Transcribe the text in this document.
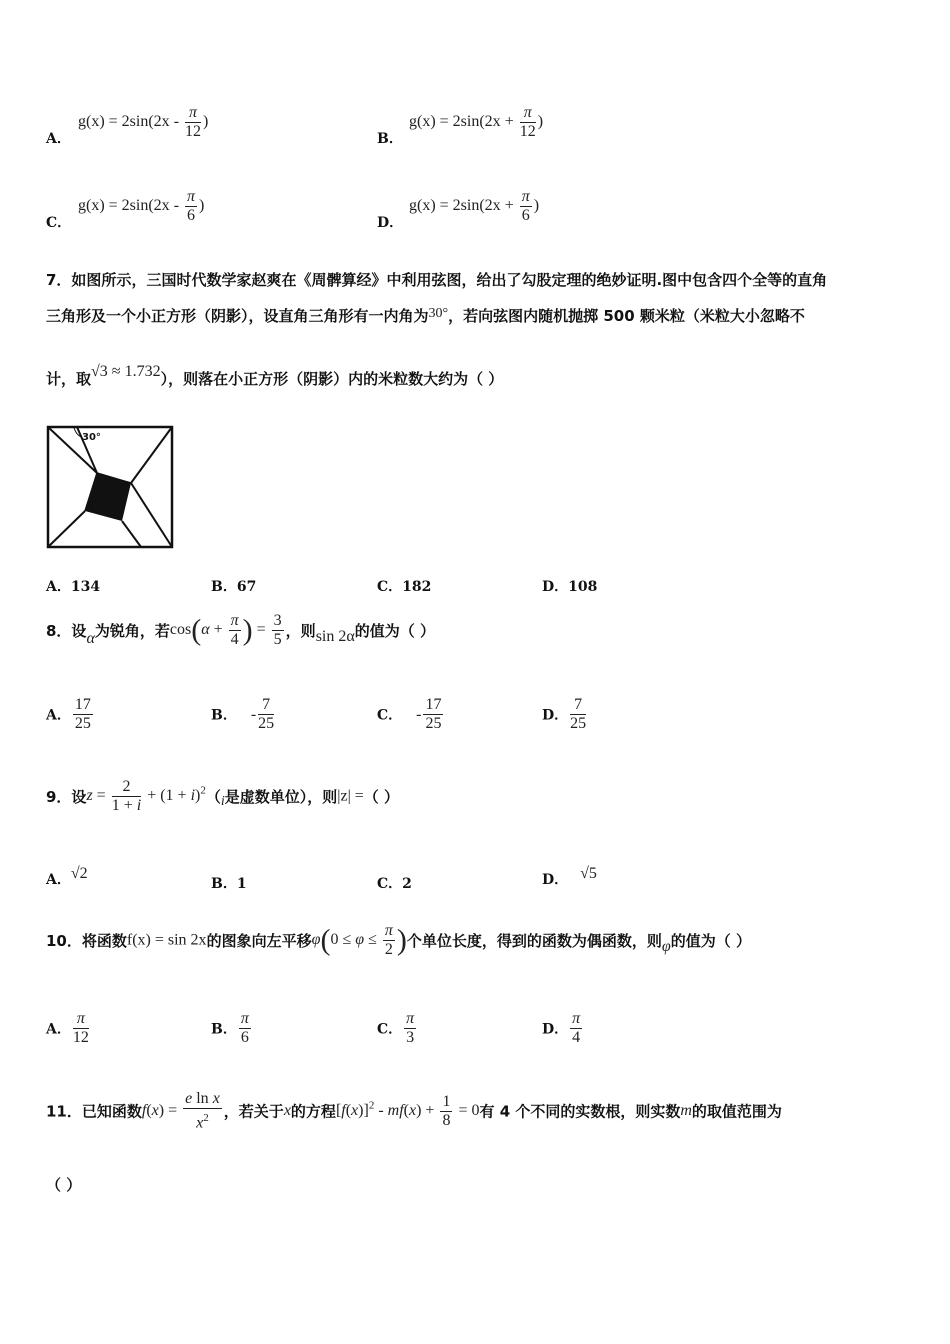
A．
$g(x) = 2\sin(2x - \frac{\pi}{12}$ )
B．
$g(x) = 2\sin(2x + \frac{\pi}{12}$ )
C．
$g(x) = 2\sin(2x - \frac{\pi}{6}$ )
D．
$g(x) = 2\sin(2x + \frac{\pi}{6}$ )
7．如图所示，三国时代数学家赵爽在《周髀算经》中利用弦图，给出了勾股定理的绝妙证明.图中包含四个全等的直角
三角形及一个小正方形（阴影），设直角三角形有一内角为30°，若向弦图内随机抛掷 500 颗米粒（米粒大小忽略不
计，取√3 ≈ 1.732），则落在小正方形（阴影）内的米粒数大约为（ ）
30°
A．134	B．67	C．182	D．108
8．设α为锐角，若$\cos(\alpha + \frac{\pi}{4}$ ) = $\frac{3}{5}$ ，则sin 2α的值为（ ）
A． $\frac{17}{25}$	B． - $\frac{7}{25}$	C． - $\frac{17}{25}$	D． $\frac{7}{25}$
9．设$z = \frac{2}{1 + i} + (1 + i)^2(i$是虚数单位），则|z| =（ ）
A．√2
B．1	C．2	D． √5
10．将函数f(x) = sin 2x的图象向左平移$\varphi(0 \le \varphi \le \frac{\pi}{2}$ )个单位长度，得到的函数为偶函数，则φ的值为（ ）
A． $\frac{\pi}{12}$	B． $\frac{\pi}{6}$	C． $\frac{\pi}{3}$	D． $\frac{\pi}{4}$
11．已知函数$f(x) = \frac{\text{e ln x}}{x^2}$ ，若关于x的方程$[f(x)]^2 - mf(x) + \frac{1}{8} = 0$有 4 个不同的实数根，则实数m的取值范围为
（ ）
